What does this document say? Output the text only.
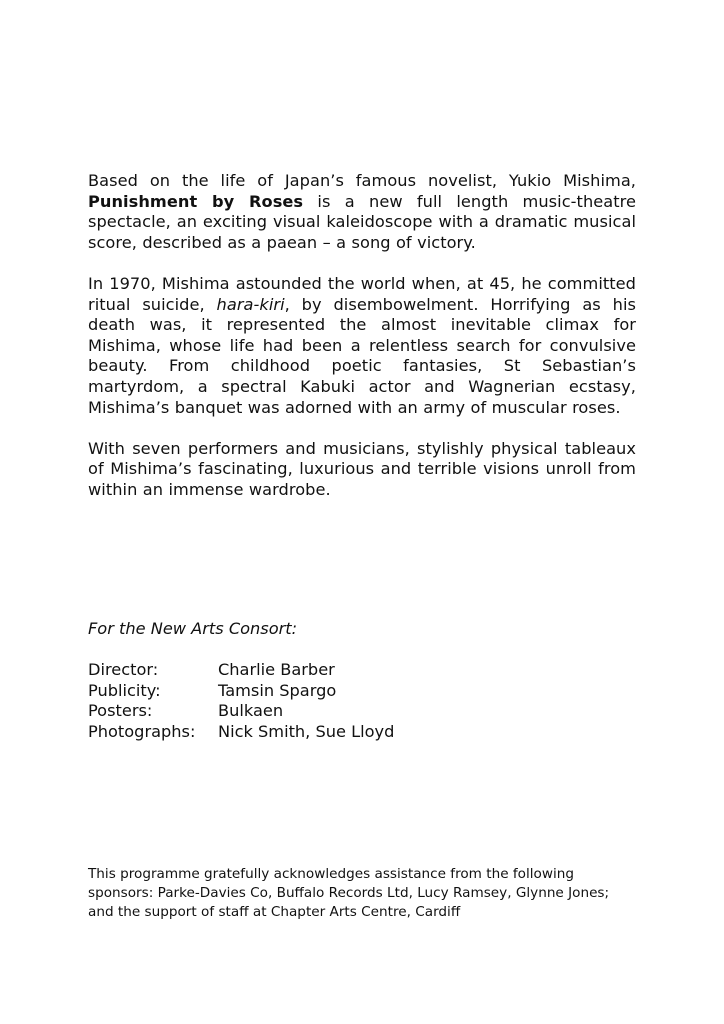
Based on the life of Japan’s famous novelist, Yukio Mishima, Punishment by Roses is a new full length music-theatre spectacle, an exciting visual kaleidoscope with a dramatic musical score, described as a paean – a song of victory.

In 1970, Mishima astounded the world when, at 45, he committed ritual suicide, hara-kiri, by disembowelment. Horrifying as his death was, it represented the almost inevitable climax for Mishima, whose life had been a relentless search for convulsive beauty. From childhood poetic fantasies, St Sebastian’s martyrdom, a spectral Kabuki actor and Wagnerian ecstasy, Mishima’s banquet was adorned with an army of muscular roses.

With seven performers and musicians, stylishly physical tableaux of Mishima’s fascinating, luxurious and terrible visions unroll from within an immense wardrobe.

For the New Arts Consort:

Director:	Charlie Barber
Publicity:	Tamsin Spargo
Posters:	Bulkaen
Photographs:	Nick Smith, Sue Lloyd

This programme gratefully acknowledges assistance from the following sponsors: Parke-Davies Co, Buffalo Records Ltd, Lucy Ramsey, Glynne Jones; and the support of staff at Chapter Arts Centre, Cardiff
